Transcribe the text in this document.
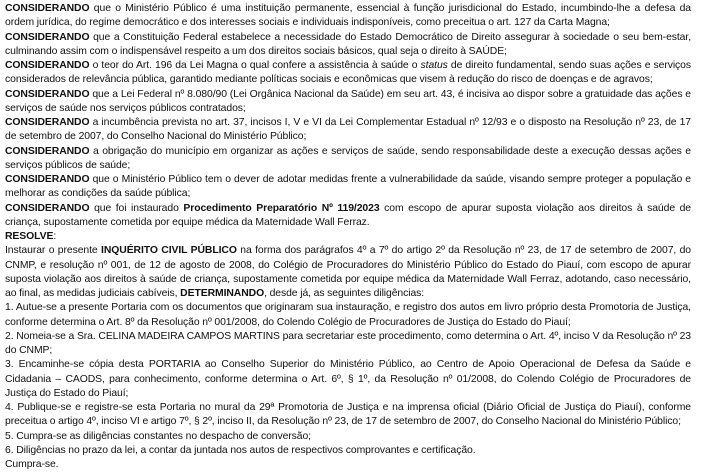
CONSIDERANDO que o Ministério Público é uma instituição permanente, essencial à função jurisdicional do Estado, incumbindo-lhe a defesa da ordem jurídica, do regime democrático e dos interesses sociais e individuais indisponíveis, como preceitua o art. 127 da Carta Magna;

CONSIDERANDO que a Constituição Federal estabelece a necessidade do Estado Democrático de Direito assegurar à sociedade o seu bem-estar, culminando assim com o indispensável respeito a um dos direitos sociais básicos, qual seja o direito à SAÚDE;

CONSIDERANDO o teor do Art. 196 da Lei Magna o qual confere a assistência à saúde o status de direito fundamental, sendo suas ações e serviços considerados de relevância pública, garantido mediante políticas sociais e econômicas que visem à redução do risco de doenças e de agravos;

CONSIDERANDO que a Lei Federal nº 8.080/90 (Lei Orgânica Nacional da Saúde) em seu art. 43, é incisiva ao dispor sobre a gratuidade das ações e serviços de saúde nos serviços públicos contratados;

CONSIDERANDO a incumbência prevista no art. 37, incisos I, V e VI da Lei Complementar Estadual nº 12/93 e o disposto na Resolução nº 23, de 17 de setembro de 2007, do Conselho Nacional do Ministério Público;

CONSIDERANDO a obrigação do município em organizar as ações e serviços de saúde, sendo responsabilidade deste a execução dessas ações e serviços públicos de saúde;

CONSIDERANDO que o Ministério Público tem o dever de adotar medidas frente a vulnerabilidade da saúde, visando sempre proteger a população e melhorar as condições da saúde pública;

CONSIDERANDO que foi instaurado Procedimento Preparatório Nº 119/2023 com escopo de apurar suposta violação aos direitos à saúde de criança, supostamente cometida por equipe médica da Maternidade Wall Ferraz.

RESOLVE:

Instaurar o presente INQUÉRITO CIVIL PÚBLICO na forma dos parágrafos 4º a 7º do artigo 2º da Resolução nº 23, de 17 de setembro de 2007, do CNMP, e resolução nº 001, de 12 de agosto de 2008, do Colégio de Procuradores do Ministério Público do Estado do Piauí, com escopo de apurar suposta violação aos direitos à saúde de criança, supostamente cometida por equipe médica da Maternidade Wall Ferraz, adotando, caso necessário, ao final, as medidas judiciais cabíveis, DETERMINANDO, desde já, as seguintes diligências:

1. Autue-se a presente Portaria com os documentos que originaram sua instauração, e registro dos autos em livro próprio desta Promotoria de Justiça, conforme determina o Art. 8º da Resolução nº 001/2008, do Colendo Colégio de Procuradores de Justiça do Estado do Piauí;

2. Nomeia-se a Sra. CELINA MADEIRA CAMPOS MARTINS para secretariar este procedimento, como determina o Art. 4º, inciso V da Resolução nº 23 do CNMP;

3. Encaminhe-se cópia desta PORTARIA ao Conselho Superior do Ministério Público, ao Centro de Apoio Operacional de Defesa da Saúde e Cidadania – CAODS, para conhecimento, conforme determina o Art. 6º, § 1º, da Resolução nº 01/2008, do Colendo Colégio de Procuradores de Justiça do Estado do Piauí;

4. Publique-se e registre-se esta Portaria no mural da 29ª Promotoria de Justiça e na imprensa oficial (Diário Oficial de Justiça do Piauí), conforme preceitua o artigo 4º, inciso VI e artigo 7º, § 2º, inciso II, da Resolução nº 23, de 17 de setembro de 2007, do Conselho Nacional do Ministério Público;

5. Cumpra-se as diligências constantes no despacho de conversão;

6. Diligências no prazo da lei, a contar da juntada nos autos de respectivos comprovantes e certificação.

Cumpra-se.
